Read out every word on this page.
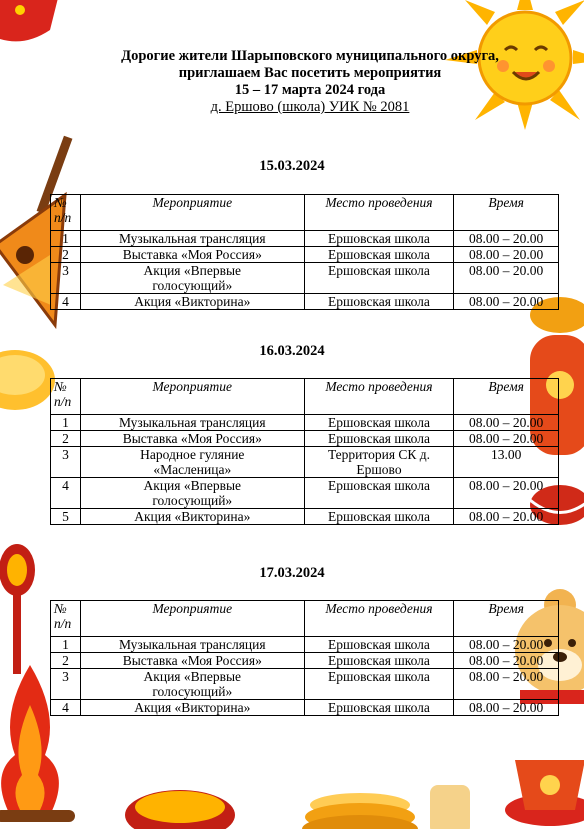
Дорогие жители Шарыповского муниципального округа,
приглашаем Вас посетить мероприятия
15 – 17 марта 2024 года
д. Ершово (школа) УИК № 2081
15.03.2024
№ п/п	Мероприятие	Место проведения	Время
1	Музыкальная трансляция	Ершовская школа	08.00 – 20.00
2	Выставка «Моя Россия»	Ершовская школа	08.00 – 20.00
3	Акция «Впервые голосующий»	Ершовская школа	08.00 – 20.00
4	Акция «Викторина»	Ершовская школа	08.00 – 20.00
16.03.2024
№ п/п	Мероприятие	Место проведения	Время
1	Музыкальная трансляция	Ершовская школа	08.00 – 20.00
2	Выставка «Моя Россия»	Ершовская школа	08.00 – 20.00
3	Народное гуляние «Масленица»	Территория СК д. Ершово	13.00
4	Акция «Впервые голосующий»	Ершовская школа	08.00 – 20.00
5	Акция «Викторина»	Ершовская школа	08.00 – 20.00
17.03.2024
№ п/п	Мероприятие	Место проведения	Время
1	Музыкальная трансляция	Ершовская школа	08.00 – 20.00
2	Выставка «Моя Россия»	Ершовская школа	08.00 – 20.00
3	Акция «Впервые голосующий»	Ершовская школа	08.00 – 20.00
4	Акция «Викторина»	Ершовская школа	08.00 – 20.00
